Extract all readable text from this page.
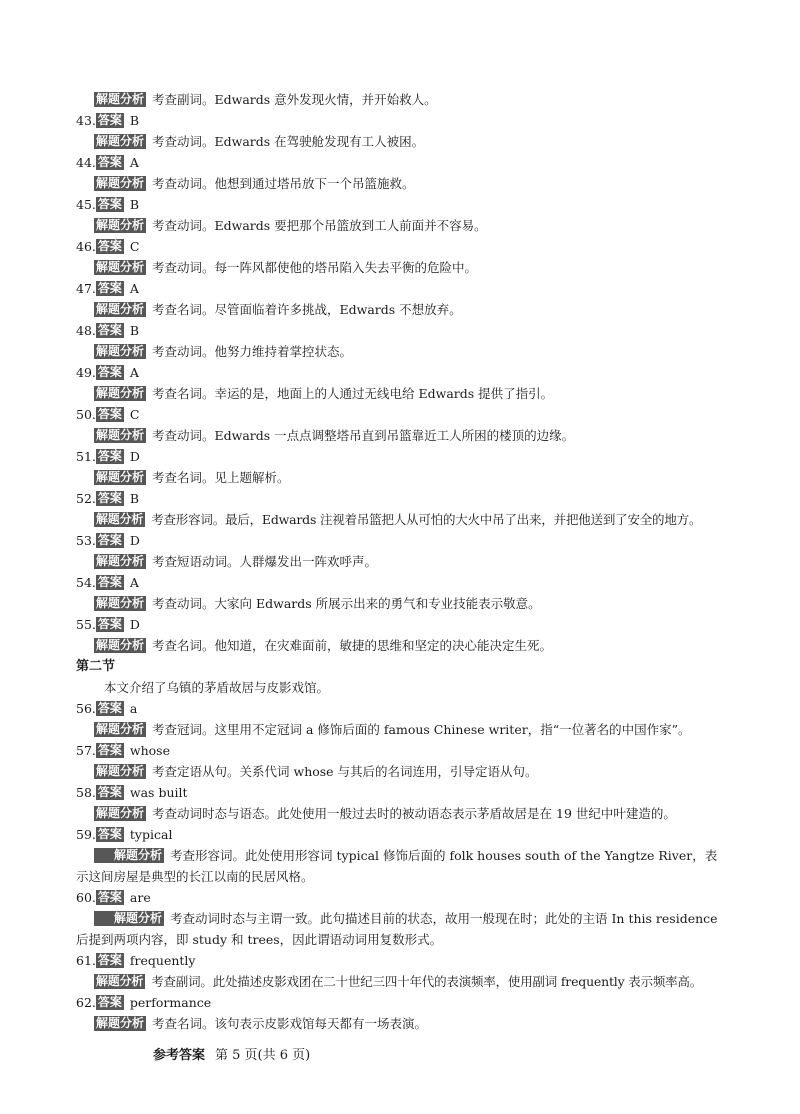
解题分析 考查副词。Edwards 意外发现火情，并开始救人。
43. 答案 B
解题分析 考查动词。Edwards 在驾驶舱发现有工人被困。
44. 答案 A
解题分析 考查动词。他想到通过塔吊放下一个吊篮施救。
45. 答案 B
解题分析 考查动词。Edwards 要把那个吊篮放到工人前面并不容易。
46. 答案 C
解题分析 考查动词。每一阵风都使他的塔吊陷入失去平衡的危险中。
47. 答案 A
解题分析 考查名词。尽管面临着许多挑战，Edwards 不想放弃。
48. 答案 B
解题分析 考查动词。他努力维持着掌控状态。
49. 答案 A
解题分析 考查名词。幸运的是，地面上的人通过无线电给 Edwards 提供了指引。
50. 答案 C
解题分析 考查动词。Edwards 一点点调整塔吊直到吊篮靠近工人所困的楼顶的边缘。
51. 答案 D
解题分析 考查名词。见上题解析。
52. 答案 B
解题分析 考查形容词。最后，Edwards 注视着吊篮把人从可怕的大火中吊了出来，并把他送到了安全的地方。
53. 答案 D
解题分析 考查短语动词。人群爆发出一阵欢呼声。
54. 答案 A
解题分析 考查动词。大家向 Edwards 所展示出来的勇气和专业技能表示敬意。
55. 答案 D
解题分析 考查名词。他知道，在灾难面前，敏捷的思维和坚定的决心能决定生死。
第二节
本文介绍了乌镇的茅盾故居与皮影戏馆。
56. 答案 a
解题分析 考查冠词。这里用不定冠词 a 修饰后面的 famous Chinese writer，指“一位著名的中国作家”。
57. 答案 whose
解题分析 考查定语从句。关系代词 whose 与其后的名词连用，引导定语从句。
58. 答案 was built
解题分析 考查动词时态与语态。此处使用一般过去时的被动语态表示茅盾故居是在 19 世纪中叶建造的。
59. 答案 typical
解题分析 考查形容词。此处使用形容词 typical 修饰后面的 folk houses south of the Yangtze River，表示这间房屋是典型的长江以南的民居风格。
60. 答案 are
解题分析 考查动词时态与主谓一致。此句描述目前的状态，故用一般现在时；此处的主语 In this residence 后提到两项内容，即 study 和 trees，因此谓语动词用复数形式。
61. 答案 frequently
解题分析 考查副词。此处描述皮影戏团在二十世纪三四十年代的表演频率，使用副词 frequently 表示频率高。
62. 答案 performance
解题分析 考查名词。该句表示皮影戏馆每天都有一场表演。
参考答案 第 5 页(共 6 页)
